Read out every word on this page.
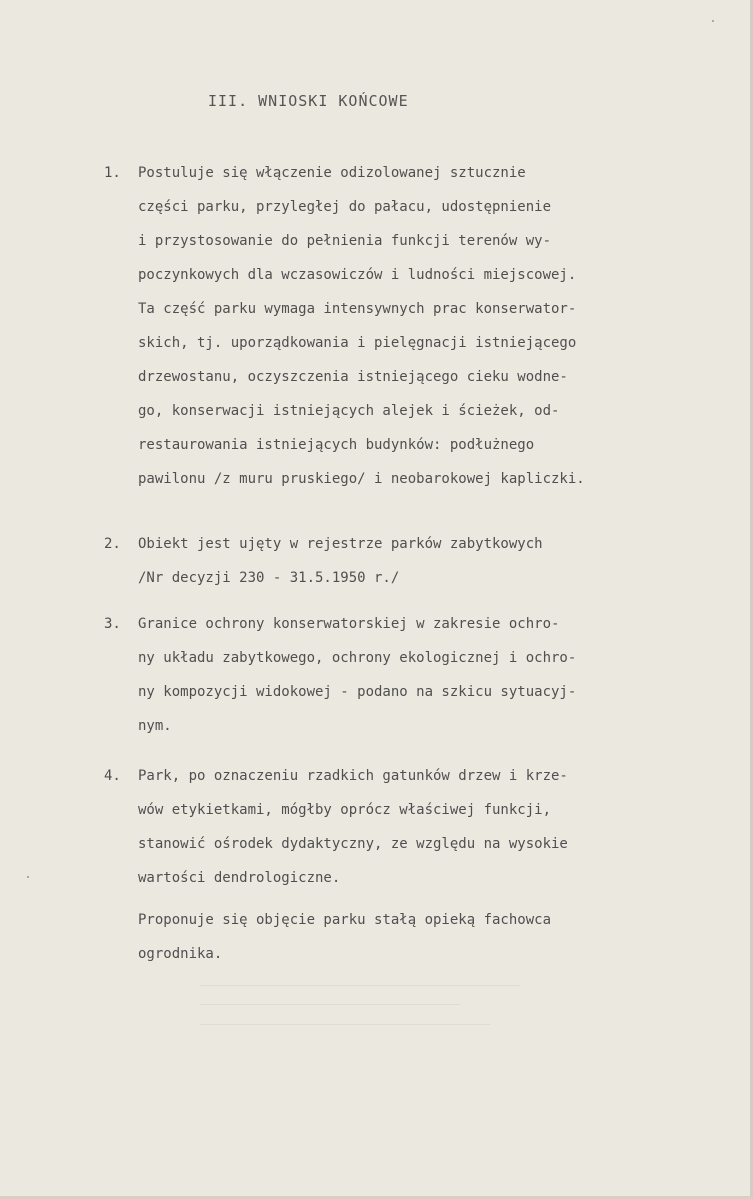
III. WNIOSKI KOŃCOWE
1.	Postuluje się włączenie odizolowanej sztucznie
części parku, przyległej do pałacu, udostępnienie
i przystosowanie do pełnienia funkcji terenów wy-
poczynkowych dla wczasowiczów i ludności miejscowej.
Ta część parku wymaga intensywnych prac konserwator-
skich, tj. uporządkowania i pielęgnacji istniejącego
drzewostanu, oczyszczenia istniejącego cieku wodne-
go, konserwacji istniejących alejek i ścieżek, od-
restaurowania istniejących budynków: podłużnego
pawilonu /z muru pruskiego/ i neobarokowej kapliczki.
2.	Obiekt jest ujęty w rejestrze parków zabytkowych
/Nr decyzji 230 - 31.5.1950 r./
3.	Granice ochrony konserwatorskiej w zakresie ochro-
ny układu zabytkowego, ochrony ekologicznej i ochro-
ny kompozycji widokowej - podano na szkicu sytuacyj-
nym.
4.	Park, po oznaczeniu rzadkich gatunków drzew i krze-
wów etykietkami, mógłby oprócz właściwej funkcji,
stanowić ośrodek dydaktyczny, ze względu na wysokie
wartości dendrologiczne.
Proponuje się objęcie parku stałą opieką fachowca
ogrodnika.
